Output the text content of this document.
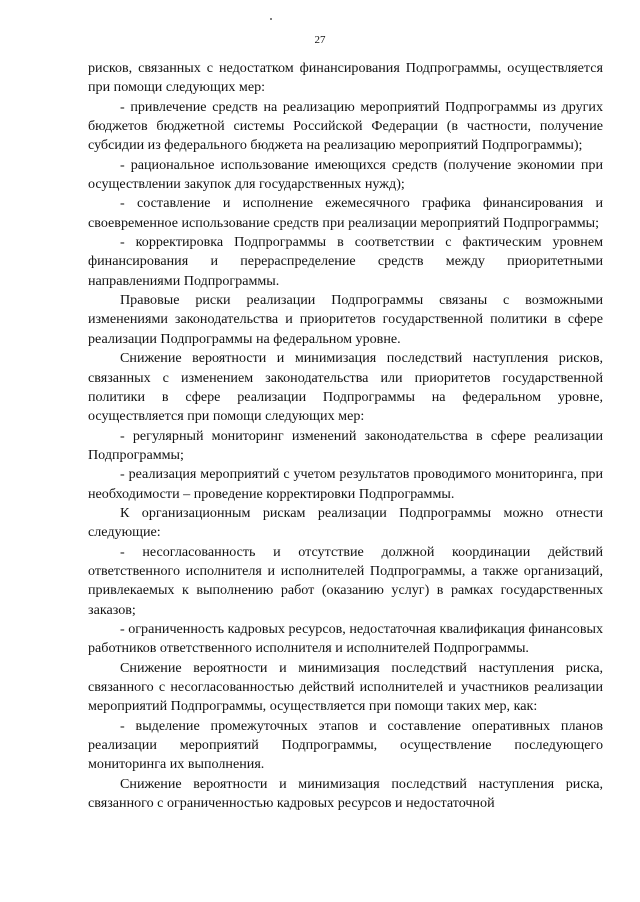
27

рисков, связанных с недостатком финансирования Подпрограммы, осуществляется при помощи следующих мер:

- привлечение средств на реализацию мероприятий Подпрограммы из других бюджетов бюджетной системы Российской Федерации (в частности, получение субсидии из федерального бюджета на реализацию мероприятий Подпрограммы);

- рациональное использование имеющихся средств (получение экономии при осуществлении закупок для государственных нужд);

- составление и исполнение ежемесячного графика финансирования и своевременное использование средств при реализации мероприятий Подпрограммы;

- корректировка Подпрограммы в соответствии с фактическим уровнем финансирования и перераспределение средств между приоритетными направлениями Подпрограммы.

Правовые риски реализации Подпрограммы связаны с возможными изменениями законодательства и приоритетов государственной политики в сфере реализации Подпрограммы на федеральном уровне.

Снижение вероятности и минимизация последствий наступления рисков, связанных с изменением законодательства или приоритетов государственной политики в сфере реализации Подпрограммы на федеральном уровне, осуществляется при помощи следующих мер:

- регулярный мониторинг изменений законодательства в сфере реализации Подпрограммы;

- реализация мероприятий с учетом результатов проводимого мониторинга, при необходимости – проведение корректировки Подпрограммы.

К организационным рискам реализации Подпрограммы можно отнести следующие:

- несогласованность и отсутствие должной координации действий ответственного исполнителя и исполнителей Подпрограммы, а также организаций, привлекаемых к выполнению работ (оказанию услуг) в рамках государственных заказов;

- ограниченность кадровых ресурсов, недостаточная квалификация финансовых работников ответственного исполнителя и исполнителей Подпрограммы.

Снижение вероятности и минимизация последствий наступления риска, связанного с несогласованностью действий исполнителей и участников реализации мероприятий Подпрограммы, осуществляется при помощи таких мер, как:

- выделение промежуточных этапов и составление оперативных планов реализации мероприятий Подпрограммы, осуществление последующего мониторинга их выполнения.

Снижение вероятности и минимизация последствий наступления риска, связанного с ограниченностью кадровых ресурсов и недостаточной
